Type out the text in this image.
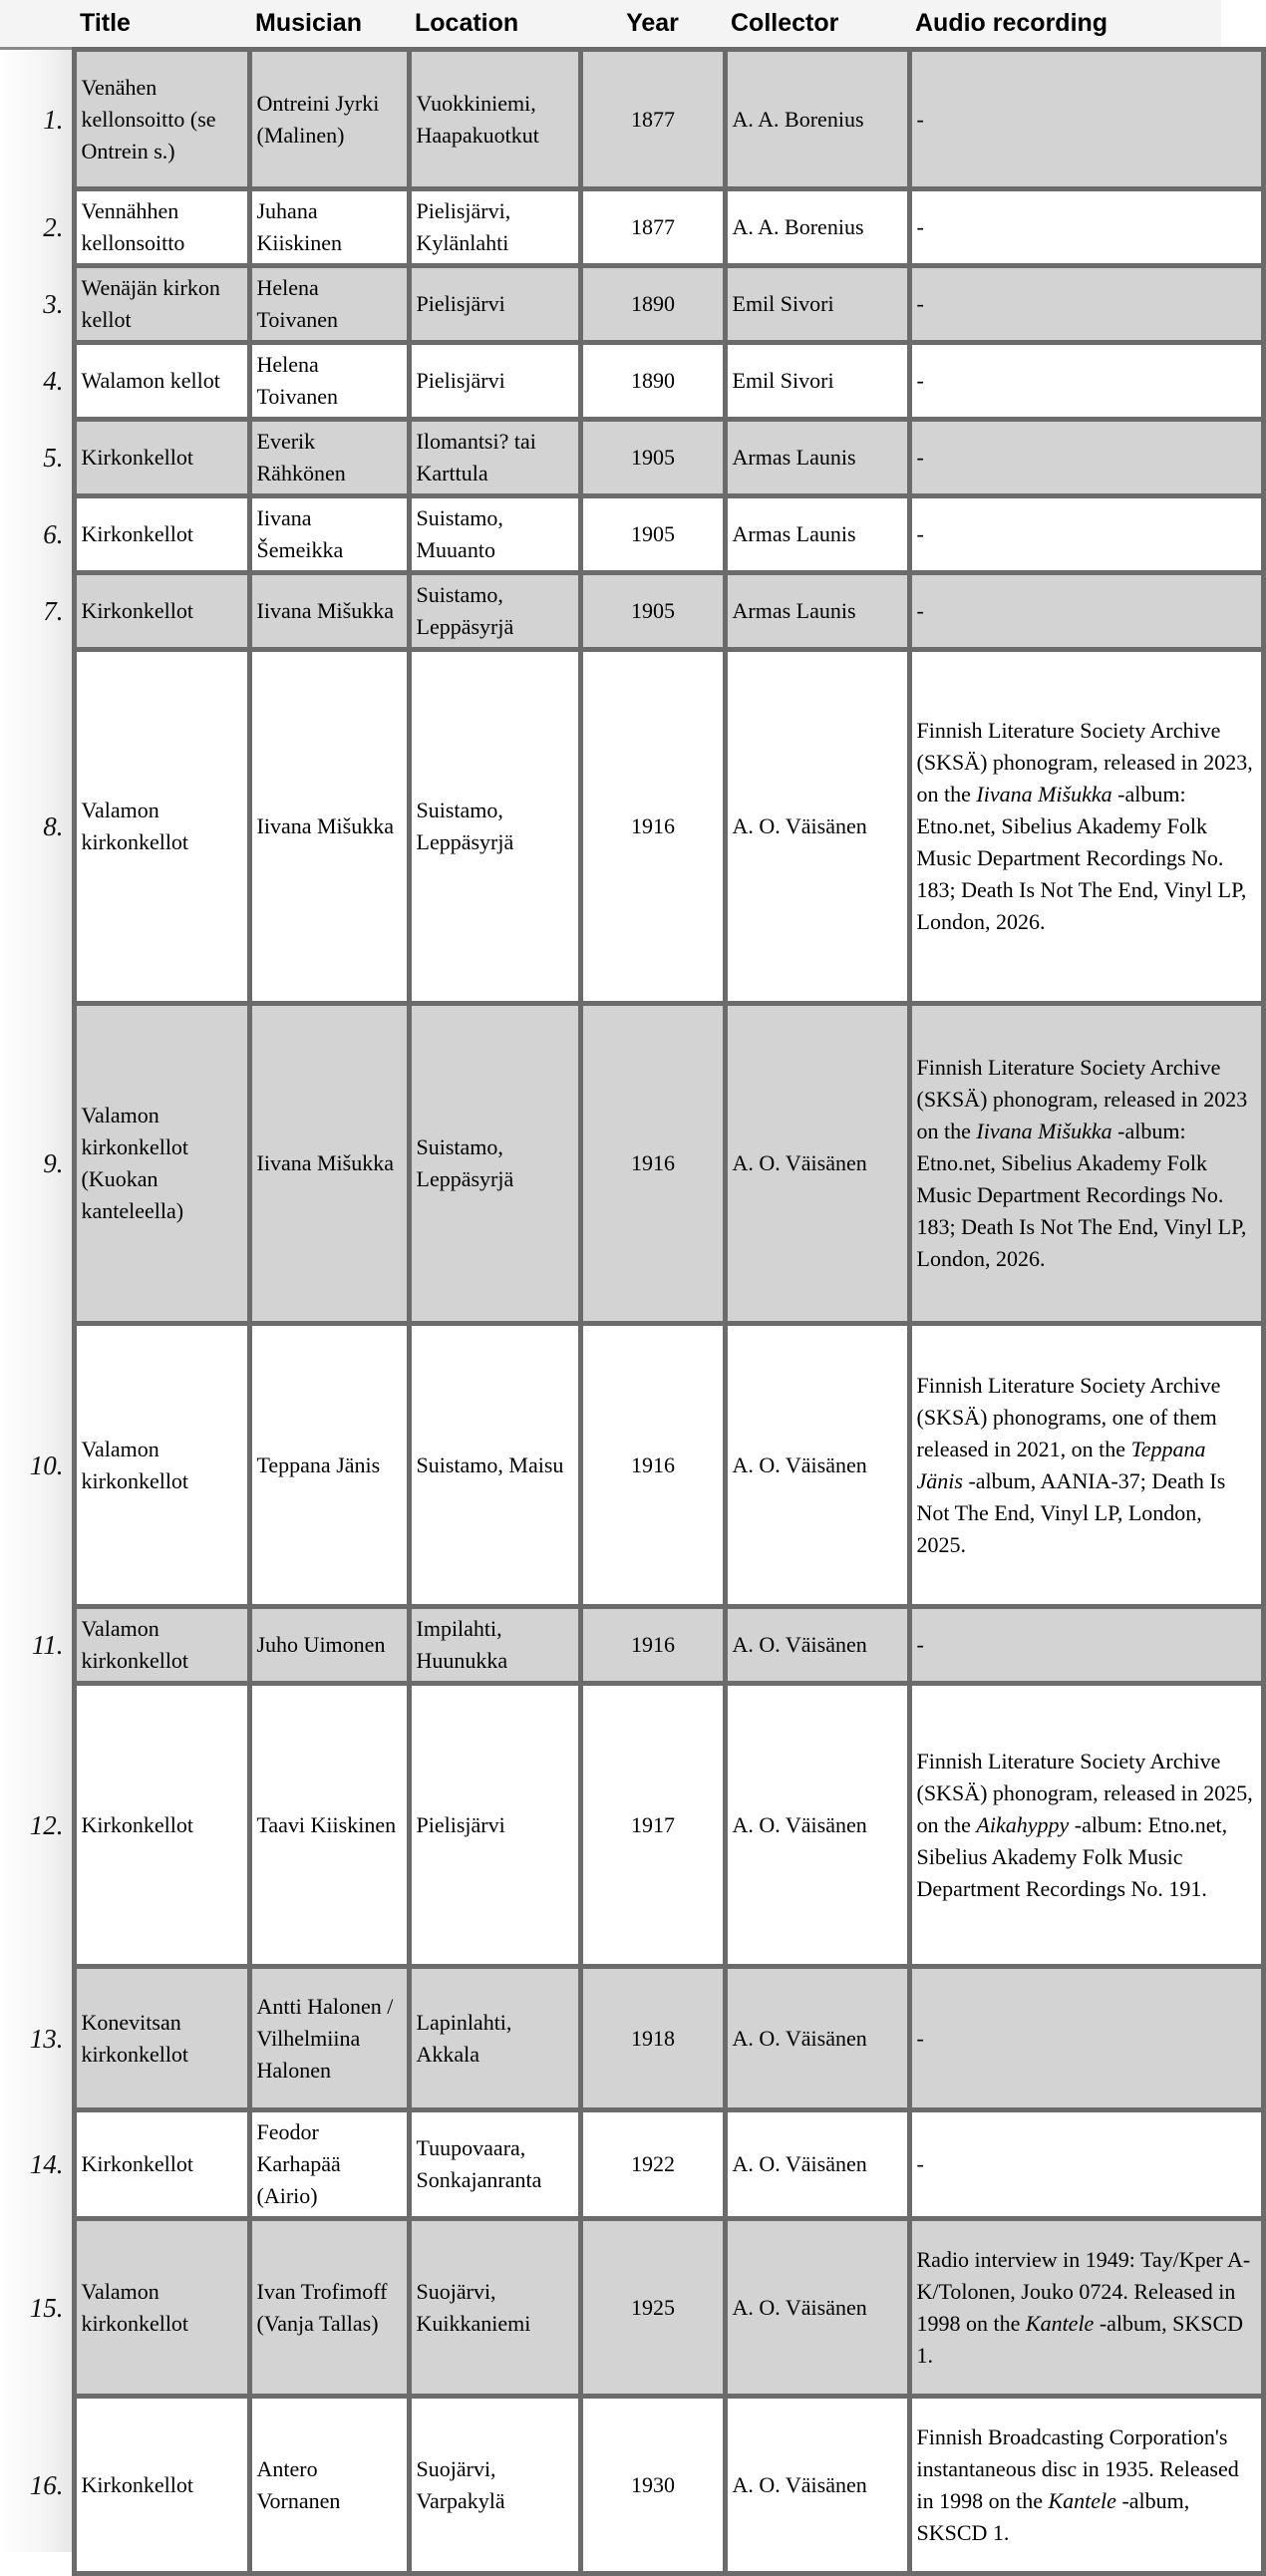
	Title	Musician	Location	Year	Collector	Audio recording
1.	Venähen kellonsoitto (se Ontrein s.)	Ontreini Jyrki (Malinen)	Vuokkiniemi, Haapakuotkut	1877	A. A. Borenius	-
2.	Vennähhen kellonsoitto	Juhana Kiiskinen	Pielisjärvi, Kylänlahti	1877	A. A. Borenius	-
3.	Wenäjän kirkon kellot	Helena Toivanen	Pielisjärvi	1890	Emil Sivori	-
4.	Walamon kellot	Helena Toivanen	Pielisjärvi	1890	Emil Sivori	-
5.	Kirkonkellot	Everik Rähkönen	Ilomantsi? tai Karttula	1905	Armas Launis	-
6.	Kirkonkellot	Iivana Šemeikka	Suistamo, Muuanto	1905	Armas Launis	-
7.	Kirkonkellot	Iivana Mišukka	Suistamo, Leppäsyrjä	1905	Armas Launis	-
8.	Valamon kirkonkellot	Iivana Mišukka	Suistamo, Leppäsyrjä	1916	A. O. Väisänen	Finnish Literature Society Archive (SKSÄ) phonogram, released in 2023, on the Iivana Mišukka -album: Etno.net, Sibelius Akademy Folk Music Department Recordings No. 183; Death Is Not The End, Vinyl LP, London, 2026.
9.	Valamon kirkonkellot (Kuokan kanteleella)	Iivana Mišukka	Suistamo, Leppäsyrjä	1916	A. O. Väisänen	Finnish Literature Society Archive (SKSÄ) phonogram, released in 2023 on the Iivana Mišukka -album: Etno.net, Sibelius Akademy Folk Music Department Recordings No. 183; Death Is Not The End, Vinyl LP, London, 2026.
10.	Valamon kirkonkellot	Teppana Jänis	Suistamo, Maisu	1916	A. O. Väisänen	Finnish Literature Society Archive (SKSÄ) phonograms, one of them released in 2021, on the Teppana Jänis -album, AANIA-37; Death Is Not The End, Vinyl LP, London, 2025.
11.	Valamon kirkonkellot	Juho Uimonen	Impilahti, Huunukka	1916	A. O. Väisänen	-
12.	Kirkonkellot	Taavi Kiiskinen	Pielisjärvi	1917	A. O. Väisänen	Finnish Literature Society Archive (SKSÄ) phonogram, released in 2025, on the Aikahyppy -album: Etno.net, Sibelius Akademy Folk Music Department Recordings No. 191.
13.	Konevitsan kirkonkellot	Antti Halonen / Vilhelmiina Halonen	Lapinlahti, Akkala	1918	A. O. Väisänen	-
14.	Kirkonkellot	Feodor Karhapää (Airio)	Tuupovaara, Sonkajanranta	1922	A. O. Väisänen	-
15.	Valamon kirkonkellot	Ivan Trofimoff (Vanja Tallas)	Suojärvi, Kuikkaniemi	1925	A. O. Väisänen	Radio interview in 1949: Tay/Kper A-K/Tolonen, Jouko 0724. Released in 1998 on the Kantele -album, SKSCD 1.
16.	Kirkonkellot	Antero Vornanen	Suojärvi, Varpakylä	1930	A. O. Väisänen	Finnish Broadcasting Corporation's instantaneous disc in 1935. Released in 1998 on the Kantele -album, SKSCD 1.
